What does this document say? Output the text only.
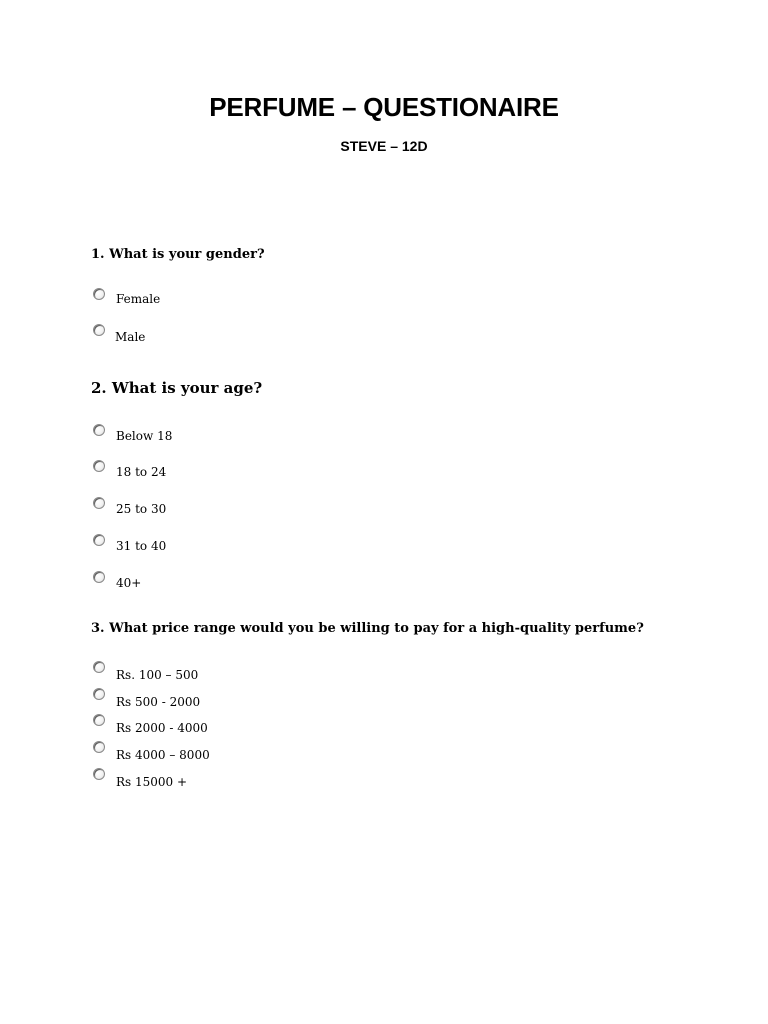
PERFUME – QUESTIONAIRE
STEVE – 12D
1. What is your gender?
Female
Male
2. What is your age?
Below 18
18 to 24
25 to 30
31 to 40
40+
3. What price range would you be willing to pay for a high-quality perfume?
Rs. 100 – 500
Rs 500 - 2000
Rs 2000 - 4000
Rs 4000 – 8000
Rs 15000 +
